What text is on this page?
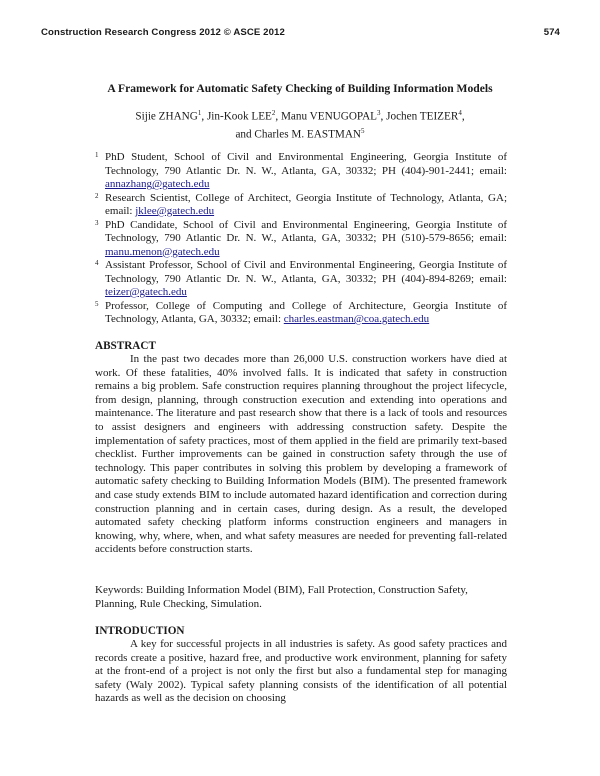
Construction Research Congress 2012 © ASCE 2012	574
A Framework for Automatic Safety Checking of Building Information Models
Sijie ZHANG$^1$, Jin-Kook LEE$^2$, Manu VENUGOPAL$^3$, Jochen TEIZER$^4$,
and Charles M. EASTMAN$^5$
1 PhD Student, School of Civil and Environmental Engineering, Georgia Institute of Technology, 790 Atlantic Dr. N. W., Atlanta, GA, 30332; PH (404)-901-2441; email: annazhang@gatech.edu
2 Research Scientist, College of Architect, Georgia Institute of Technology, Atlanta, GA; email: jklee@gatech.edu
3 PhD Candidate, School of Civil and Environmental Engineering, Georgia Institute of Technology, 790 Atlantic Dr. N. W., Atlanta, GA, 30332; PH (510)-579-8656; email: manu.menon@gatech.edu
4 Assistant Professor, School of Civil and Environmental Engineering, Georgia Institute of Technology, 790 Atlantic Dr. N. W., Atlanta, GA, 30332; PH (404)-894-8269; email: teizer@gatech.edu
5 Professor, College of Computing and College of Architecture, Georgia Institute of Technology, Atlanta, GA, 30332; email: charles.eastman@coa.gatech.edu
ABSTRACT
In the past two decades more than 26,000 U.S. construction workers have died at work. Of these fatalities, 40% involved falls. It is indicated that safety in construction remains a big problem. Safe construction requires planning throughout the project lifecycle, from design, planning, through construction execution and extending into operations and maintenance. The literature and past research show that there is a lack of tools and resources to assist designers and engineers with addressing construction safety. Despite the implementation of safety practices, most of them applied in the field are primarily text-based checklist. Further improvements can be gained in construction safety through the use of technology. This paper contributes in solving this problem by developing a framework of automatic safety checking to Building Information Models (BIM). The presented framework and case study extends BIM to include automated hazard identification and correction during construction planning and in certain cases, during design. As a result, the developed automated safety checking platform informs construction engineers and managers in knowing, why, where, when, and what safety measures are needed for preventing fall-related accidents before construction starts.
Keywords: Building Information Model (BIM), Fall Protection, Construction Safety, Planning, Rule Checking, Simulation.
INTRODUCTION
A key for successful projects in all industries is safety. As good safety practices and records create a positive, hazard free, and productive work environment, planning for safety at the front-end of a project is not only the first but also a fundamental step for managing safety (Waly 2002). Typical safety planning consists of the identification of all potential hazards as well as the decision on choosing
